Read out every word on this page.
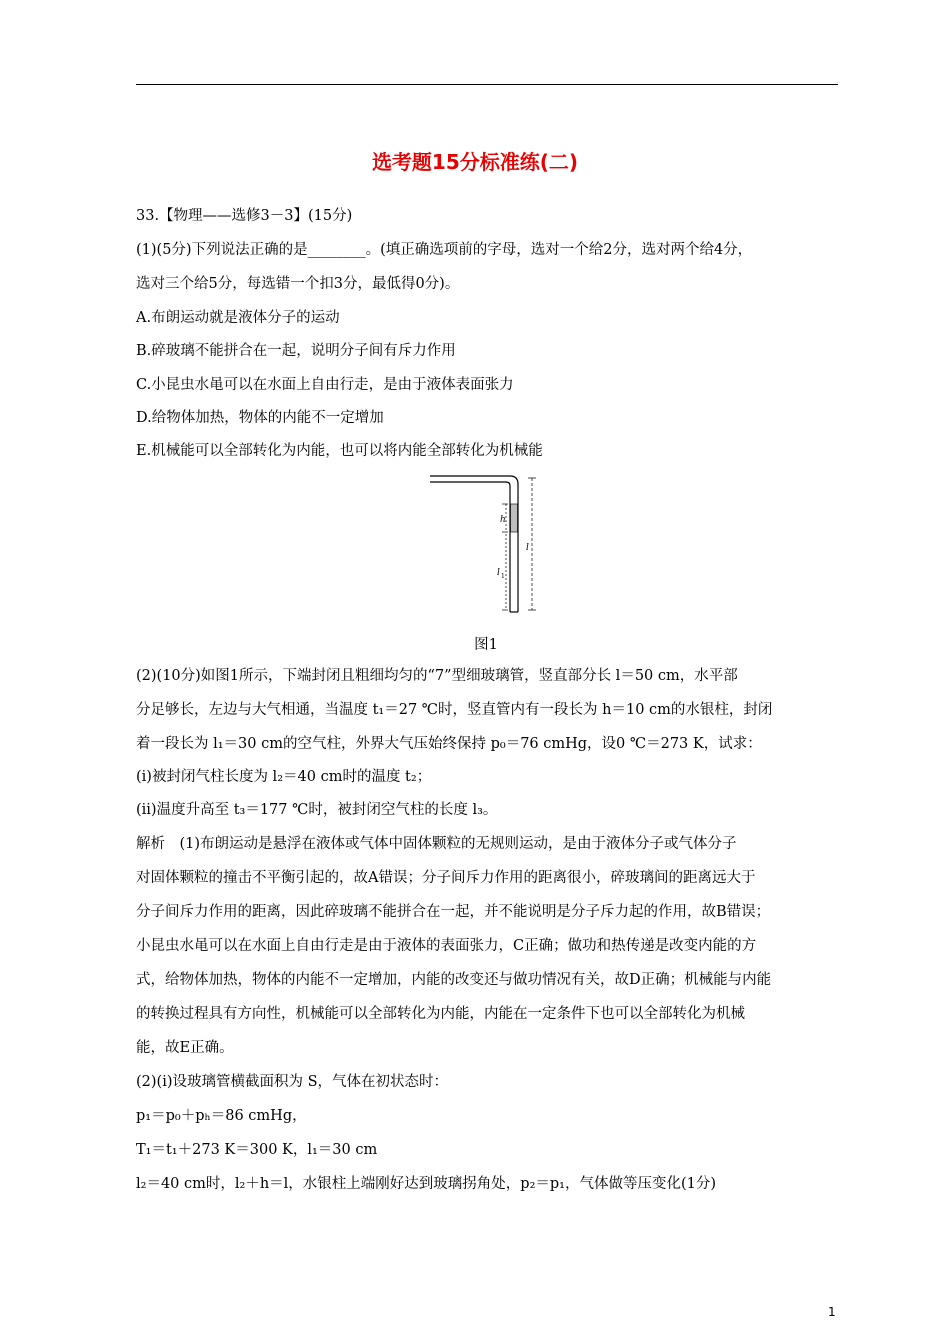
选考题15分标准练(二)
33.【物理——选修3－3】(15分)
(1)(5分)下列说法正确的是________。(填正确选项前的字母，选对一个给2分，选对两个给4分，
选对三个给5分，每选错一个扣3分，最低得0分)。
A.布朗运动就是液体分子的运动
B.碎玻璃不能拼合在一起，说明分子间有斥力作用
C.小昆虫水黾可以在水面上自由行走，是由于液体表面张力
D.给物体加热，物体的内能不一定增加
E.机械能可以全部转化为内能，也可以将内能全部转化为机械能
h
l 1
l
图1
(2)(10分)如图1所示，下端封闭且粗细均匀的“7”型细玻璃管，竖直部分长 l＝50 cm，水平部
分足够长，左边与大气相通，当温度 t₁＝27 ℃时，竖直管内有一段长为 h＝10 cm的水银柱，封闭
着一段长为 l₁＝30 cm的空气柱，外界大气压始终保持 p₀＝76 cmHg，设0 ℃＝273 K，试求：
(ⅰ)被封闭气柱长度为 l₂＝40 cm时的温度 t₂；
(ⅱ)温度升高至 t₃＝177 ℃时，被封闭空气柱的长度 l₃。
解析　(1)布朗运动是悬浮在液体或气体中固体颗粒的无规则运动，是由于液体分子或气体分子
对固体颗粒的撞击不平衡引起的，故A错误；分子间斥力作用的距离很小，碎玻璃间的距离远大于
分子间斥力作用的距离，因此碎玻璃不能拼合在一起，并不能说明是分子斥力起的作用，故B错误；
小昆虫水黾可以在水面上自由行走是由于液体的表面张力，C正确；做功和热传递是改变内能的方
式，给物体加热，物体的内能不一定增加，内能的改变还与做功情况有关，故D正确；机械能与内能
的转换过程具有方向性，机械能可以全部转化为内能，内能在一定条件下也可以全部转化为机械
能，故E正确。
(2)(ⅰ)设玻璃管横截面积为 S，气体在初状态时：
p₁＝p₀＋pₕ＝86 cmHg，
T₁＝t₁＋273 K＝300 K，l₁＝30 cm
l₂＝40 cm时，l₂＋h＝l，水银柱上端刚好达到玻璃拐角处，p₂＝p₁，气体做等压变化(1分)
1
